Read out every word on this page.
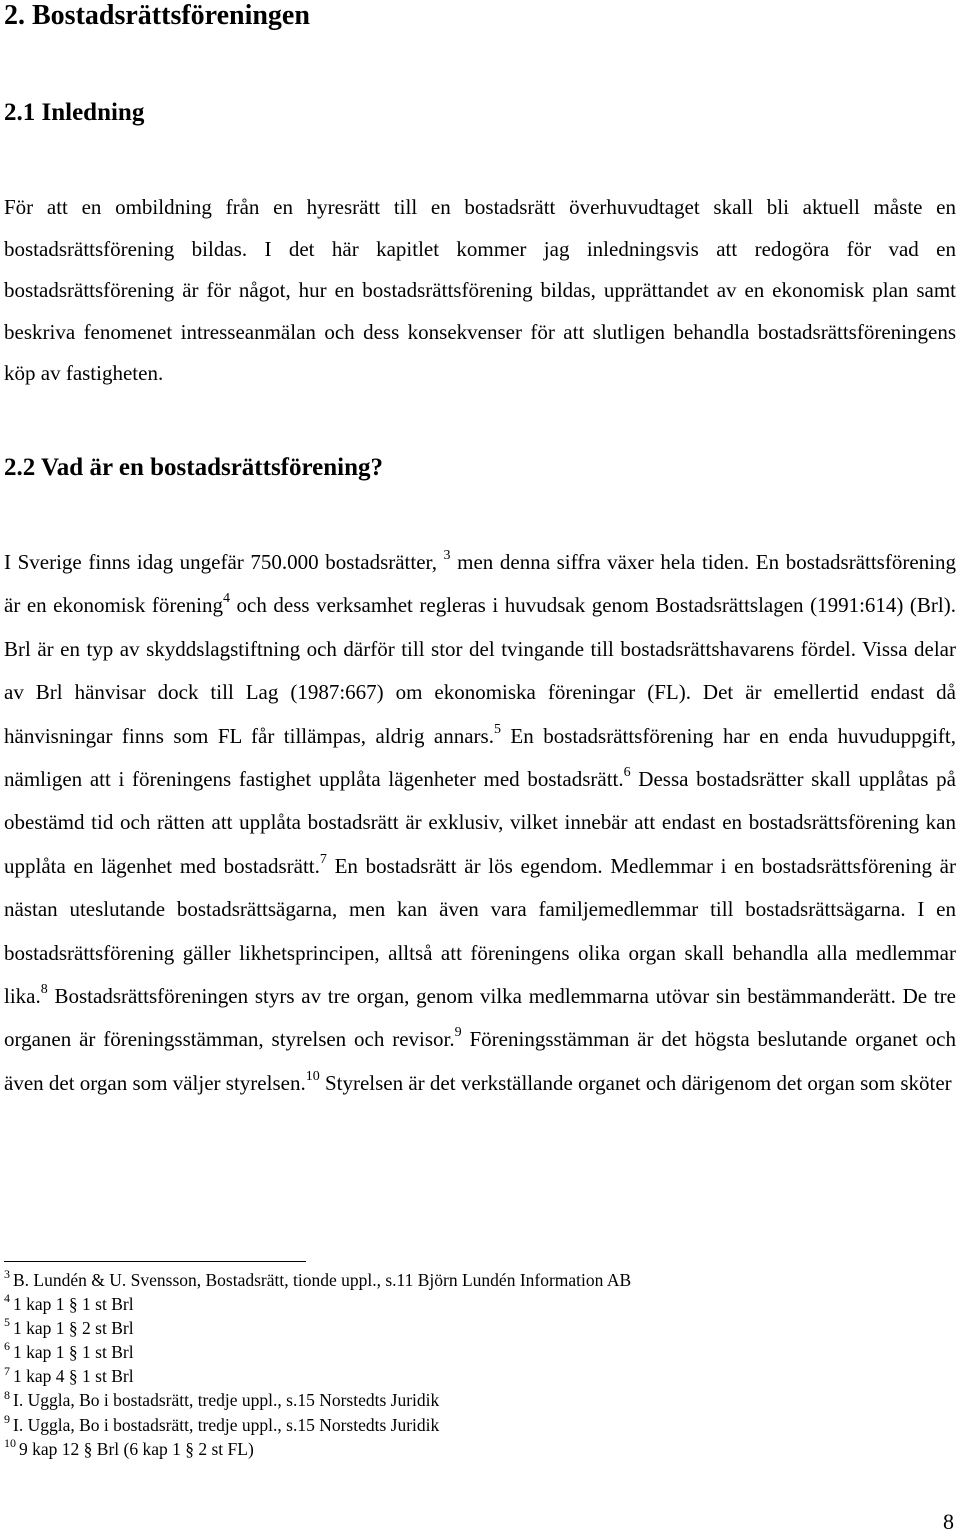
2. Bostadsrättsföreningen
2.1 Inledning

För att en ombildning från en hyresrätt till en bostadsrätt överhuvudtaget skall bli aktuell måste en bostadsrättsförening bildas. I det här kapitlet kommer jag inledningsvis att redogöra för vad en bostadsrättsförening är för något, hur en bostadsrättsförening bildas, upprättandet av en ekonomisk plan samt beskriva fenomenet intresseanmälan och dess konsekvenser för att slutligen behandla bostadsrättsföreningens köp av fastigheten.

2.2 Vad är en bostadsrättsförening?

I Sverige finns idag ungefär 750.000 bostadsrätter, $^3$ men denna siffra växer hela tiden. En bostadsrättsförening är en ekonomisk förening$^4$ och dess verksamhet regleras i huvudsak genom Bostadsrättslagen (1991:614) (Brl). Brl är en typ av skyddslagstiftning och därför till stor del tvingande till bostadsrättshavarens fördel. Vissa delar av Brl hänvisar dock till Lag (1987:667) om ekonomiska föreningar (FL). Det är emellertid endast då hänvisningar finns som FL får tillämpas, aldrig annars.$^5$ En bostadsrättsförening har en enda huvuduppgift, nämligen att i föreningens fastighet upplåta lägenheter med bostadsrätt.$^6$ Dessa bostadsrätter skall upplåtas på obestämd tid och rätten att upplåta bostadsrätt är exklusiv, vilket innebär att endast en bostadsrättsförening kan upplåta en lägenhet med bostadsrätt.$^7$ En bostadsrätt är lös egendom. Medlemmar i en bostadsrättsförening är nästan uteslutande bostadsrättsägarna, men kan även vara familjemedlemmar till bostadsrättsägarna. I en bostadsrättsförening gäller likhetsprincipen, alltså att föreningens olika organ skall behandla alla medlemmar lika.$^8$ Bostadsrättsföreningen styrs av tre organ, genom vilka medlemmarna utövar sin bestämmanderätt. De tre organen är föreningsstämman, styrelsen och revisor.$^9$ Föreningsstämman är det högsta beslutande organet och även det organ som väljer styrelsen.$^{10}$ Styrelsen är det verkställande organet och därigenom det organ som sköter

$^3$ B. Lundén & U. Svensson, Bostadsrätt, tionde uppl., s.11 Björn Lundén Information AB
$^4$ 1 kap 1 § 1 st Brl
$^5$ 1 kap 1 § 2 st Brl
$^6$ 1 kap 1 § 1 st Brl
$^7$ 1 kap 4 § 1 st Brl
$^8$ I. Uggla, Bo i bostadsrätt, tredje uppl., s.15 Norstedts Juridik
$^9$ I. Uggla, Bo i bostadsrätt, tredje uppl., s.15 Norstedts Juridik
$^{10}$ 9 kap 12 § Brl (6 kap 1 § 2 st FL)
8
